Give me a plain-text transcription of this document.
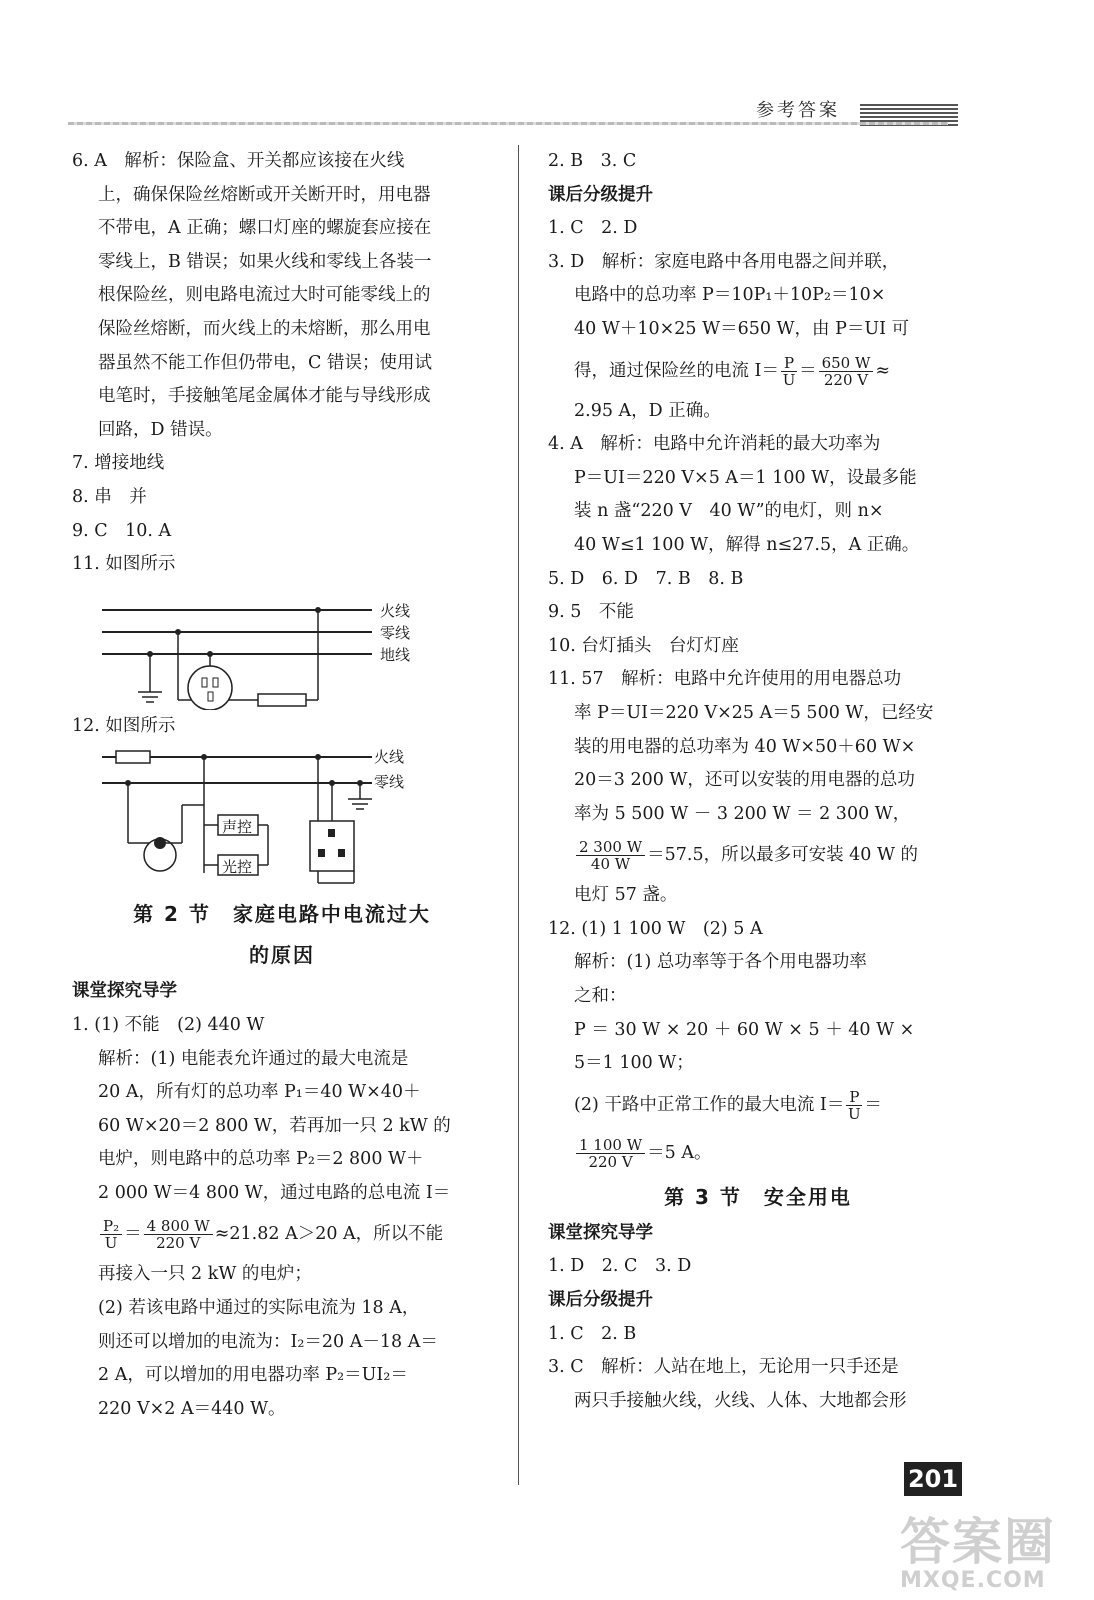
参考答案
6. A　解析：保险盒、开关都应该接在火线
上，确保保险丝熔断或开关断开时，用电器
不带电，A 正确；螺口灯座的螺旋套应接在
零线上，B 错误；如果火线和零线上各装一
根保险丝，则电路电流过大时可能零线上的
保险丝熔断，而火线上的未熔断，那么用电
器虽然不能工作但仍带电，C 错误；使用试
电笔时，手接触笔尾金属体才能与导线形成
回路，D 错误。
7. 增接地线
8. 串　并
9. C　10. A
11. 如图所示
火线
零线
地线
12. 如图所示
火线
零线
声控
光控
第 2 节　家庭电路中电流过大
的原因
课堂探究导学
1. (1) 不能　(2) 440 W
解析：(1) 电能表允许通过的最大电流是
20 A，所有灯的总功率 P₁＝40 W×40＋
60 W×20＝2 800 W，若再加一只 2 kW 的
电炉，则电路中的总功率 P₂＝2 800 W＋
2 000 W＝4 800 W，通过电路的总电流 I＝
$\frac{\text{P₂}}{U} = \frac{4 800 W}{220 V} \approx 21.82$ A＞20 A，所以不能
再接入一只 2 kW 的电炉；
(2) 若该电路中通过的实际电流为 18 A，
则还可以增加的电流为：I₂＝20 A－18 A＝
2 A，可以增加的用电器功率 P₂＝UI₂＝
220 V×2 A＝440 W。
2. B　3. C
课后分级提升
1. C　2. D
3. D　解析：家庭电路中各用电器之间并联，
电路中的总功率 P＝10P₁＋10P₂＝10×
40 W＋10×25 W＝650 W，由 P＝UI 可
得，通过保险丝的电流 $I= \frac{P}{U} = \frac{650 W}{220 V}$ ≈
2.95 A，D 正确。
4. A　解析：电路中允许消耗的最大功率为
P＝UI＝220 V×5 A＝1 100 W，设最多能
装 n 盏“220 V　40 W”的电灯，则 n×
40 W≤1 100 W，解得 n≤27.5，A 正确。
5. D　6. D　7. B　8. B
9. 5　不能
10. 台灯插头　台灯灯座
11. 57　解析：电路中允许使用的用电器总功
率 P＝UI＝220 V×25 A＝5 500 W，已经安
装的用电器的总功率为 40 W×50＋60 W×
20＝3 200 W，还可以安装的用电器的总功
率为 5 500 W － 3 200 W ＝ 2 300 W，
$\frac{2 300 W}{40 W} =57.5$，所以最多可安装 40 W 的
电灯 57 盏。
12. (1) 1 100 W　(2) 5 A
解析：(1) 总功率等于各个用电器功率
之和：
P ＝ 30 W × 20 ＋ 60 W × 5 ＋ 40 W ×
5＝1 100 W；
(2) 干路中正常工作的最大电流 $I= \frac{P}{U}$ ＝
$\frac{1 100 W}{220 V} =5$ A。
第 3 节　安全用电
课堂探究导学
1. D　2. C　3. D
课后分级提升
1. C　2. B
3. C　解析：人站在地上，无论用一只手还是
两只手接触火线，火线、人体、大地都会形
201
答案圈
MXQE.COM
